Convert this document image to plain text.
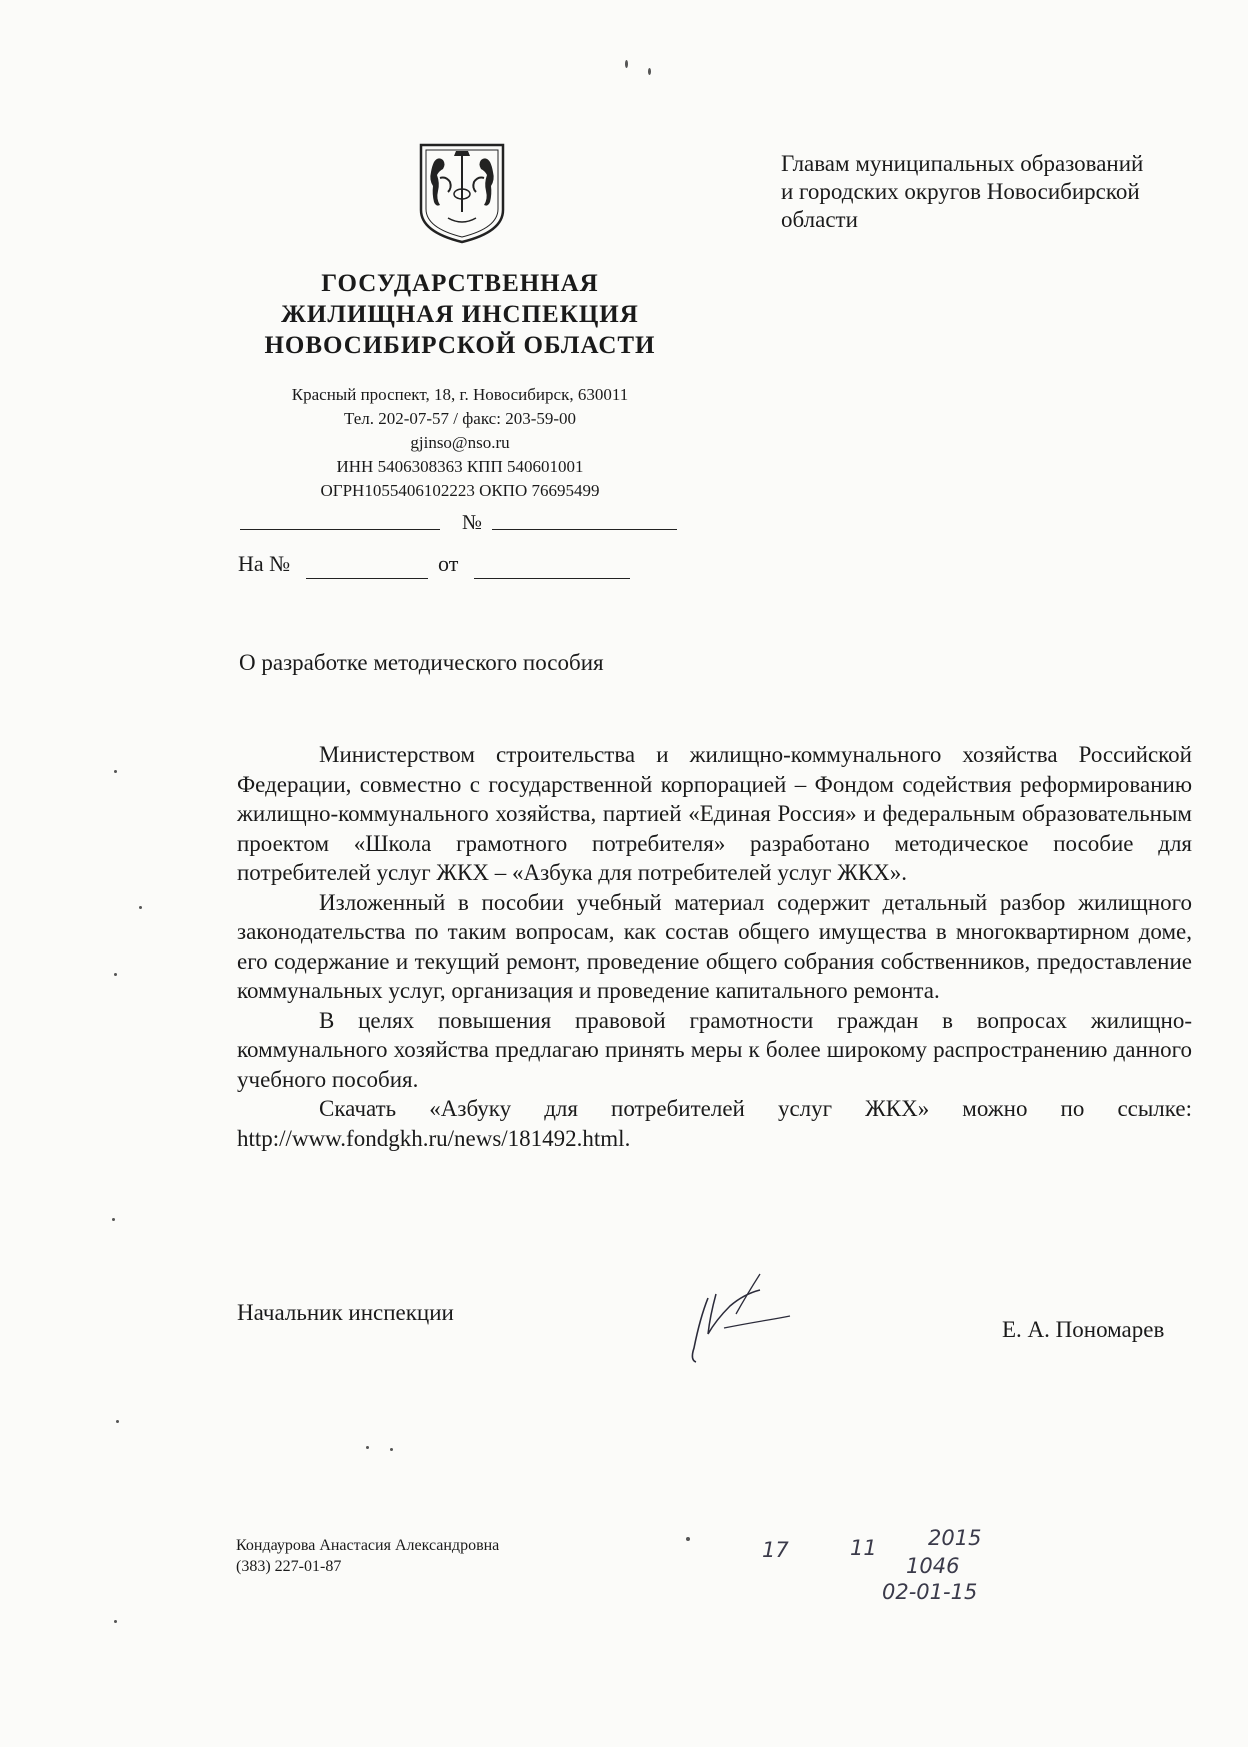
Главам муниципальных образований
и городских округов Новосибирской
области
ГОСУДАРСТВЕННАЯ
ЖИЛИЩНАЯ ИНСПЕКЦИЯ
НОВОСИБИРСКОЙ ОБЛАСТИ
Красный проспект, 18, г. Новосибирск, 630011
Тел. 202-07-57 / факс: 203-59-00
gjinso@nso.ru
ИНН 5406308363 КПП 540601001
ОГРН1055406102223 ОКПО 76695499
№
На №	от
О разработке методического пособия

Министерством строительства и жилищно-коммунального хозяйства Российской Федерации, совместно с государственной корпорацией – Фондом содействия реформированию жилищно-коммунального хозяйства, партией «Единая Россия» и федеральным образовательным проектом «Школа грамотного потребителя» разработано методическое пособие для потребителей услуг ЖКХ – «Азбука для потребителей услуг ЖКХ».

Изложенный в пособии учебный материал содержит детальный разбор жилищного законодательства по таким вопросам, как состав общего имущества в многоквартирном доме, его содержание и текущий ремонт, проведение общего собрания собственников, предоставление коммунальных услуг, организация и проведение капитального ремонта.

В целях повышения правовой грамотности граждан в вопросах жилищно-коммунального хозяйства предлагаю принять меры к более широкому распространению данного учебного пособия.

Скачать «Азбуку для потребителей услуг ЖКХ» можно по ссылке: http://www.fondgkh.ru/news/181492.html.

Начальник инспекции
Е. А. Пономарев
Кондаурова Анастасия Александровна
(383) 227-01-87
17	11 2015
1046
02-01-15
